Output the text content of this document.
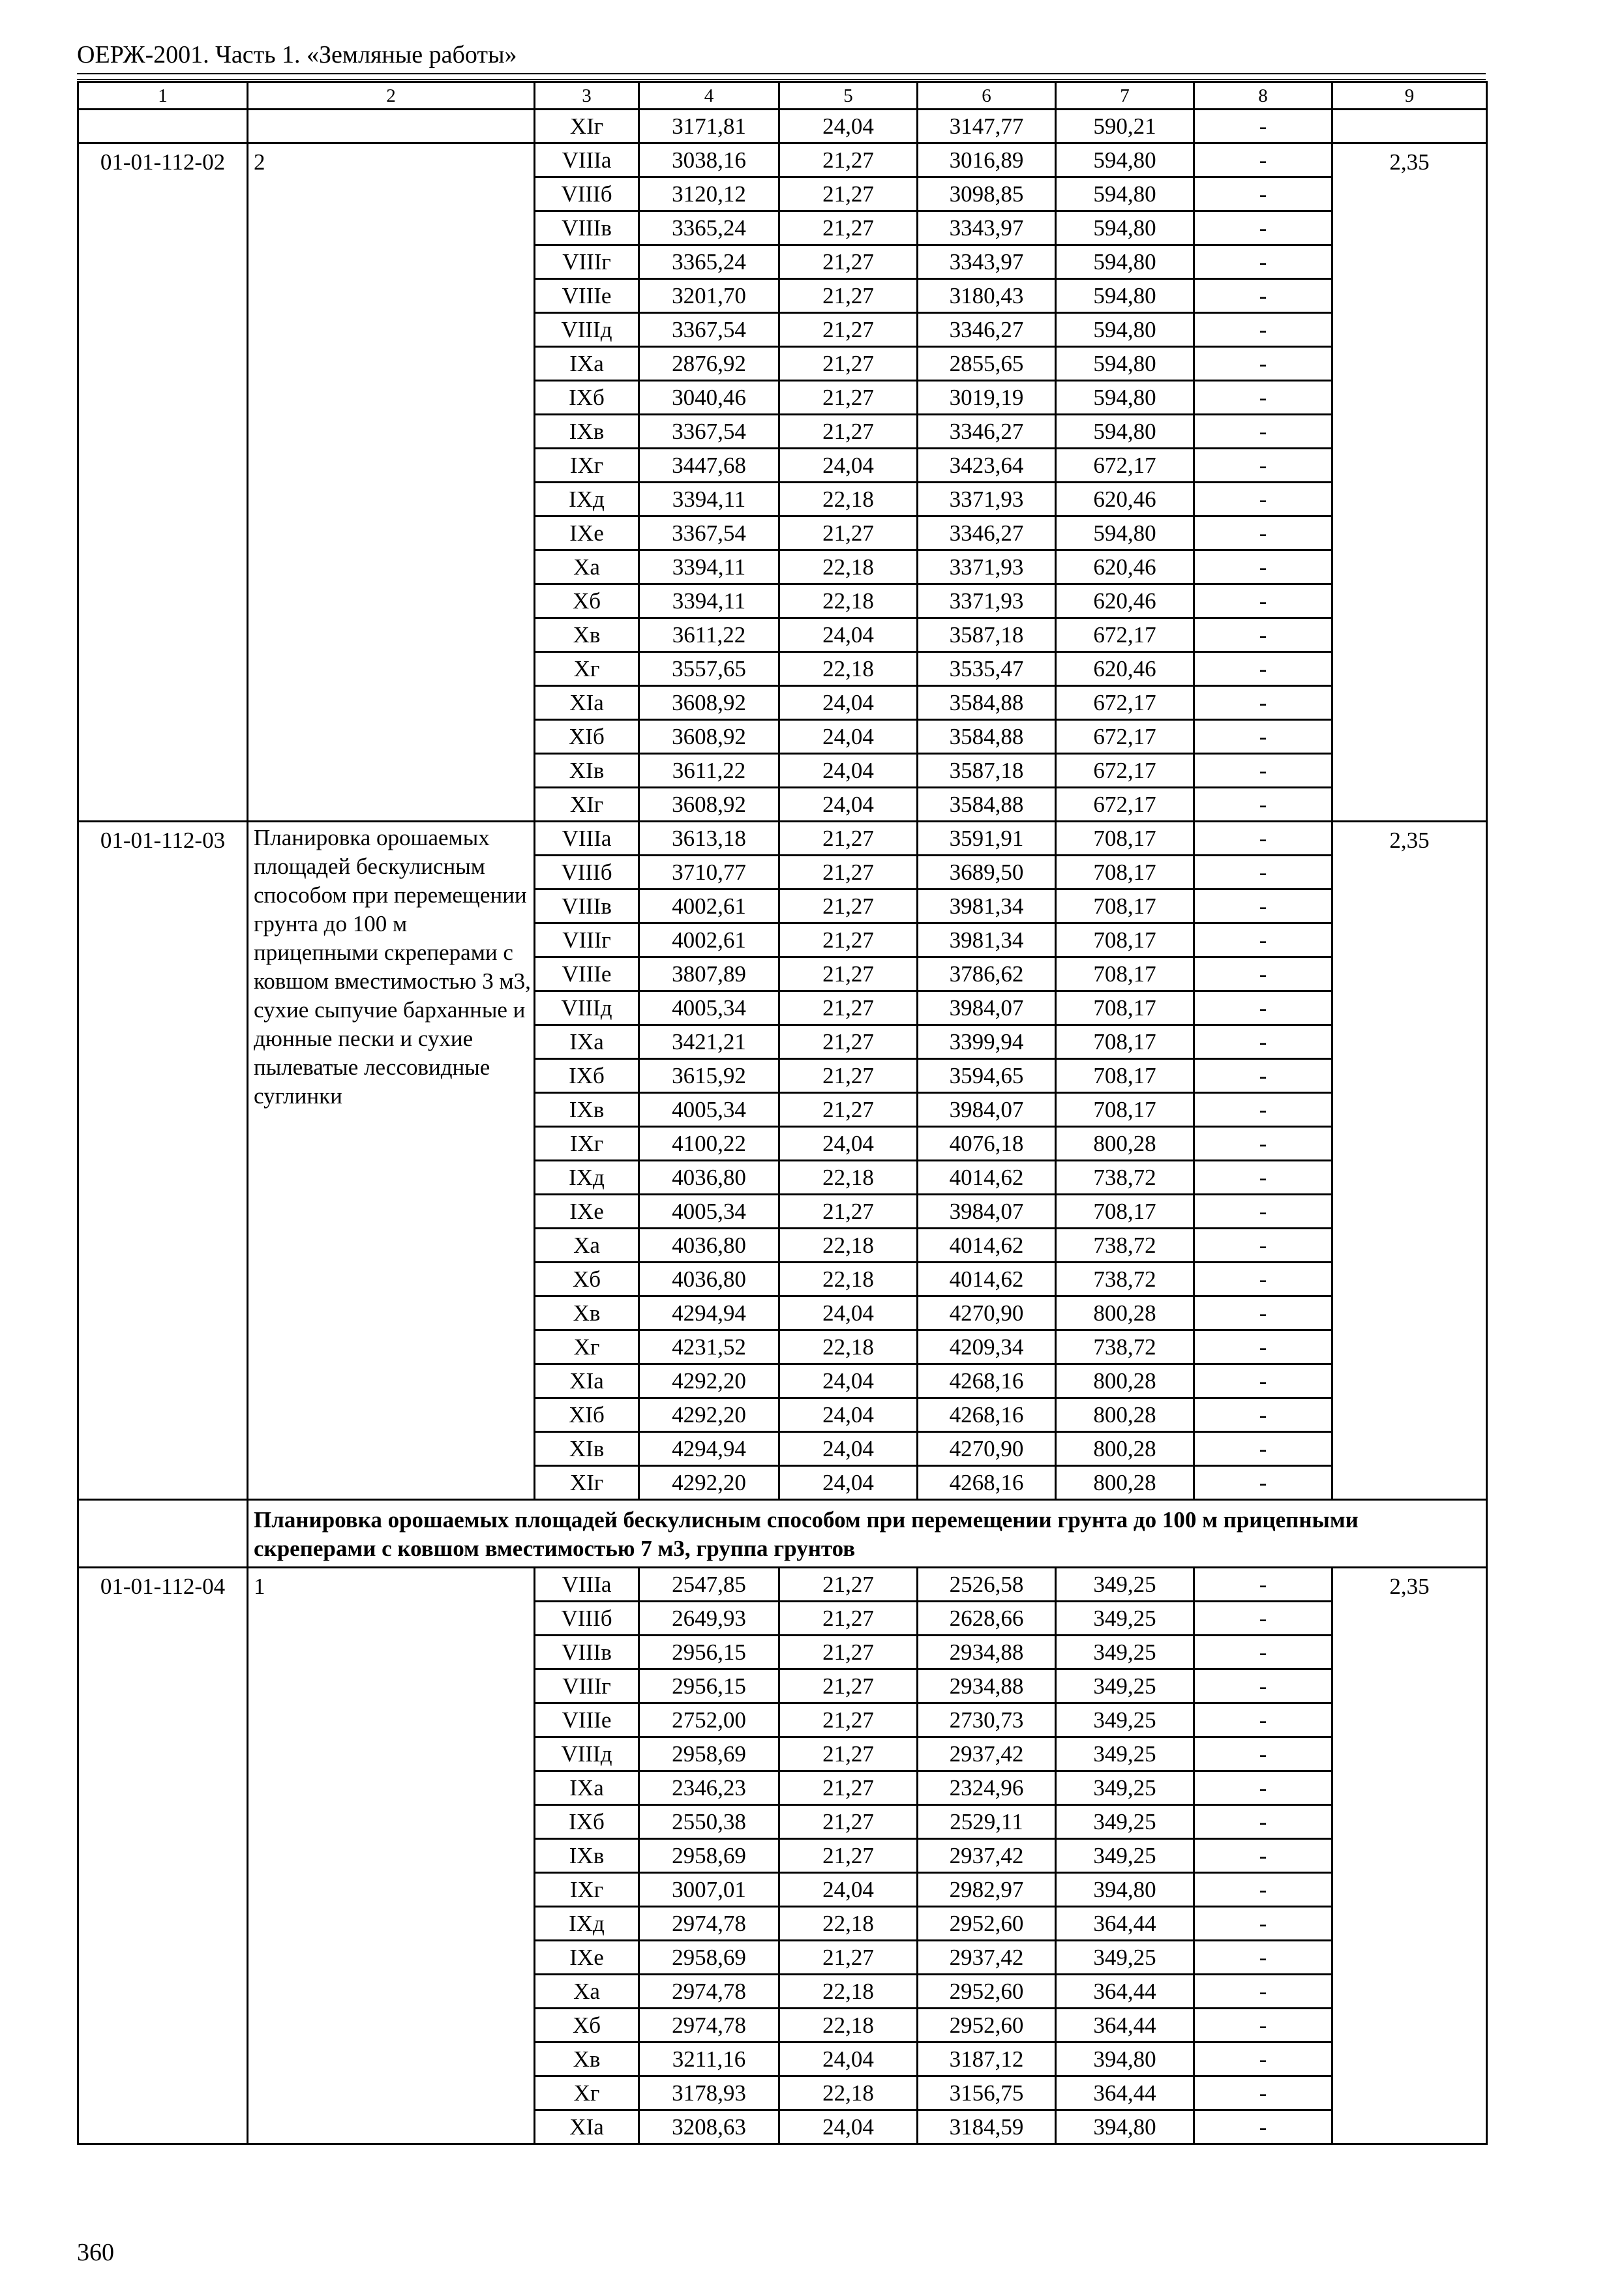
ОЕРЖ-2001. Часть 1. «Земляные работы»
1	2	3	4	5	6	7	8	9
		XIг	3171,81	24,04	3147,77	590,21	-	
01-01-112-02	2	VIIIа	3038,16	21,27	3016,89	594,80	-	2,35
		VIIIб	3120,12	21,27	3098,85	594,80	-	
		VIIIв	3365,24	21,27	3343,97	594,80	-	
		VIIIг	3365,24	21,27	3343,97	594,80	-	
		VIIIе	3201,70	21,27	3180,43	594,80	-	
		VIIIд	3367,54	21,27	3346,27	594,80	-	
		IXа	2876,92	21,27	2855,65	594,80	-	
		IXб	3040,46	21,27	3019,19	594,80	-	
		IXв	3367,54	21,27	3346,27	594,80	-	
		IXг	3447,68	24,04	3423,64	672,17	-	
		IXд	3394,11	22,18	3371,93	620,46	-	
		IXе	3367,54	21,27	3346,27	594,80	-	
		Xа	3394,11	22,18	3371,93	620,46	-	
		Xб	3394,11	22,18	3371,93	620,46	-	
		Xв	3611,22	24,04	3587,18	672,17	-	
		Xг	3557,65	22,18	3535,47	620,46	-	
		XIа	3608,92	24,04	3584,88	672,17	-	
		XIб	3608,92	24,04	3584,88	672,17	-	
		XIв	3611,22	24,04	3587,18	672,17	-	
		XIг	3608,92	24,04	3584,88	672,17	-	
01-01-112-03	Планировка орошаемых площадей бескулисным способом при перемещении грунта до 100 м прицепными скреперами с ковшом вместимостью 3 м3, сухие сыпучие барханные и дюнные пески и сухие пылеватые лессовидные суглинки	VIIIа	3613,18	21,27	3591,91	708,17	-	2,35
		VIIIб	3710,77	21,27	3689,50	708,17	-	
		VIIIв	4002,61	21,27	3981,34	708,17	-	
		VIIIг	4002,61	21,27	3981,34	708,17	-	
		VIIIе	3807,89	21,27	3786,62	708,17	-	
		VIIIд	4005,34	21,27	3984,07	708,17	-	
		IXа	3421,21	21,27	3399,94	708,17	-	
		IXб	3615,92	21,27	3594,65	708,17	-	
		IXв	4005,34	21,27	3984,07	708,17	-	
		IXг	4100,22	24,04	4076,18	800,28	-	
		IXд	4036,80	22,18	4014,62	738,72	-	
		IXе	4005,34	21,27	3984,07	708,17	-	
		Xа	4036,80	22,18	4014,62	738,72	-	
		Xб	4036,80	22,18	4014,62	738,72	-	
		Xв	4294,94	24,04	4270,90	800,28	-	
		Xг	4231,52	22,18	4209,34	738,72	-	
		XIа	4292,20	24,04	4268,16	800,28	-	
		XIб	4292,20	24,04	4268,16	800,28	-	
		XIв	4294,94	24,04	4270,90	800,28	-	
		XIг	4292,20	24,04	4268,16	800,28	-	
	Планировка орошаемых площадей бескулисным способом при перемещении грунта до 100 м прицепными скреперами с ковшом вместимостью 7 м3, группа грунтов							
01-01-112-04	1	VIIIа	2547,85	21,27	2526,58	349,25	-	2,35
		VIIIб	2649,93	21,27	2628,66	349,25	-	
		VIIIв	2956,15	21,27	2934,88	349,25	-	
		VIIIг	2956,15	21,27	2934,88	349,25	-	
		VIIIе	2752,00	21,27	2730,73	349,25	-	
		VIIIд	2958,69	21,27	2937,42	349,25	-	
		IXа	2346,23	21,27	2324,96	349,25	-	
		IXб	2550,38	21,27	2529,11	349,25	-	
		IXв	2958,69	21,27	2937,42	349,25	-	
		IXг	3007,01	24,04	2982,97	394,80	-	
		IXд	2974,78	22,18	2952,60	364,44	-	
		IXе	2958,69	21,27	2937,42	349,25	-	
		Xа	2974,78	22,18	2952,60	364,44	-	
		Xб	2974,78	22,18	2952,60	364,44	-	
		Xв	3211,16	24,04	3187,12	394,80	-	
		Xг	3178,93	22,18	3156,75	364,44	-	
		XIа	3208,63	24,04	3184,59	394,80	-	
360
